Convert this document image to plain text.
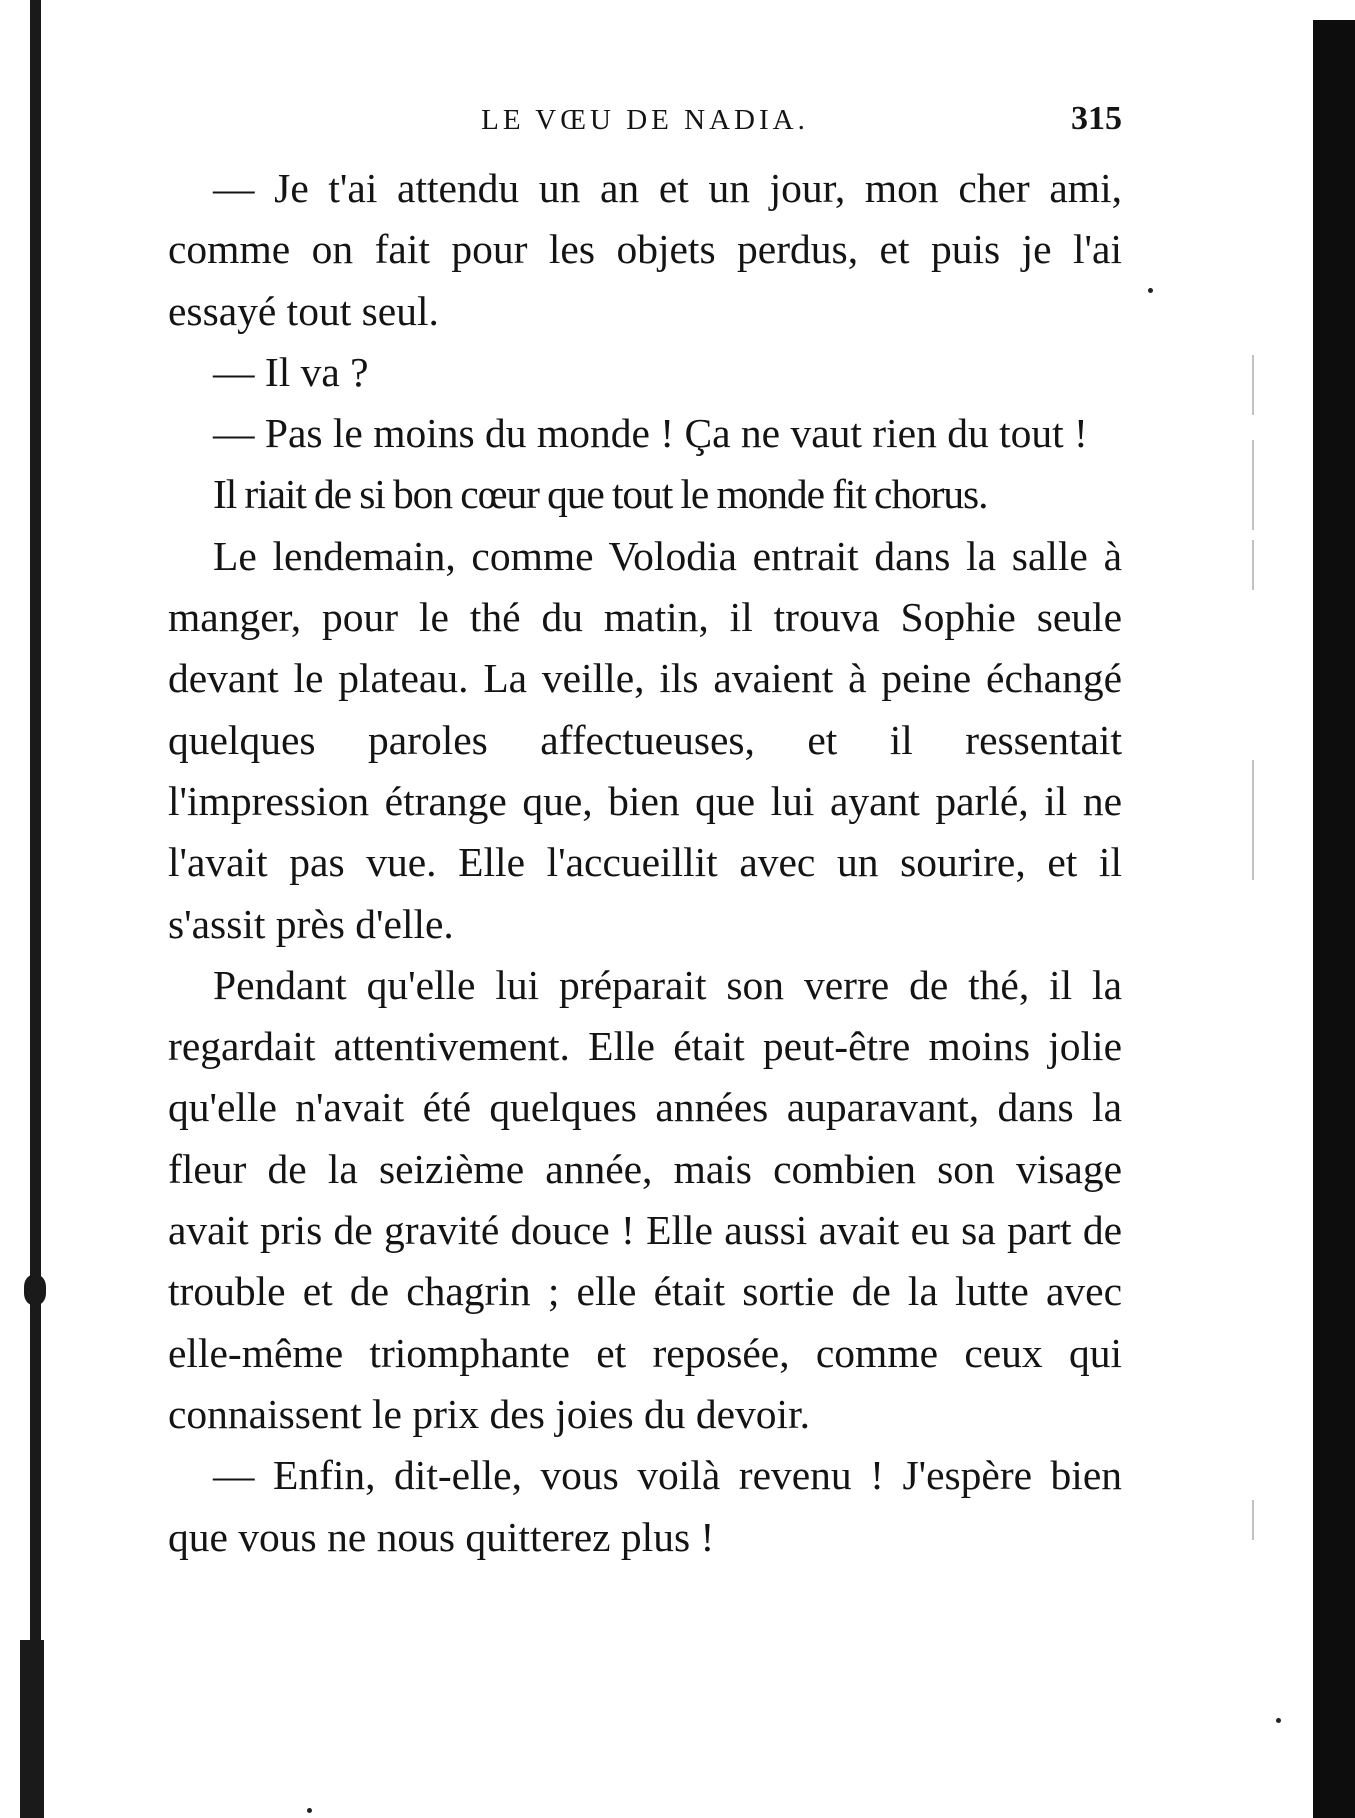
LE VŒU DE NADIA.	315

— Je t'ai attendu un an et un jour, mon cher ami, comme on fait pour les objets perdus, et puis je l'ai essayé tout seul.

— Il va ?

— Pas le moins du monde ! Ça ne vaut rien du tout !

Il riait de si bon cœur que tout le monde fit chorus.

Le lendemain, comme Volodia entrait dans la salle à manger, pour le thé du matin, il trouva Sophie seule devant le plateau. La veille, ils avaient à peine échangé quelques paroles affectueuses, et il ressentait l'impression étrange que, bien que lui ayant parlé, il ne l'avait pas vue. Elle l'accueillit avec un sourire, et il s'assit près d'elle.

Pendant qu'elle lui préparait son verre de thé, il la regardait attentivement. Elle était peut-être moins jolie qu'elle n'avait été quelques années auparavant, dans la fleur de la seizième année, mais combien son visage avait pris de gravité douce ! Elle aussi avait eu sa part de trouble et de chagrin ; elle était sortie de la lutte avec elle-même triomphante et reposée, comme ceux qui connaissent le prix des joies du devoir.

— Enfin, dit-elle, vous voilà revenu ! J'espère bien que vous ne nous quitterez plus !
